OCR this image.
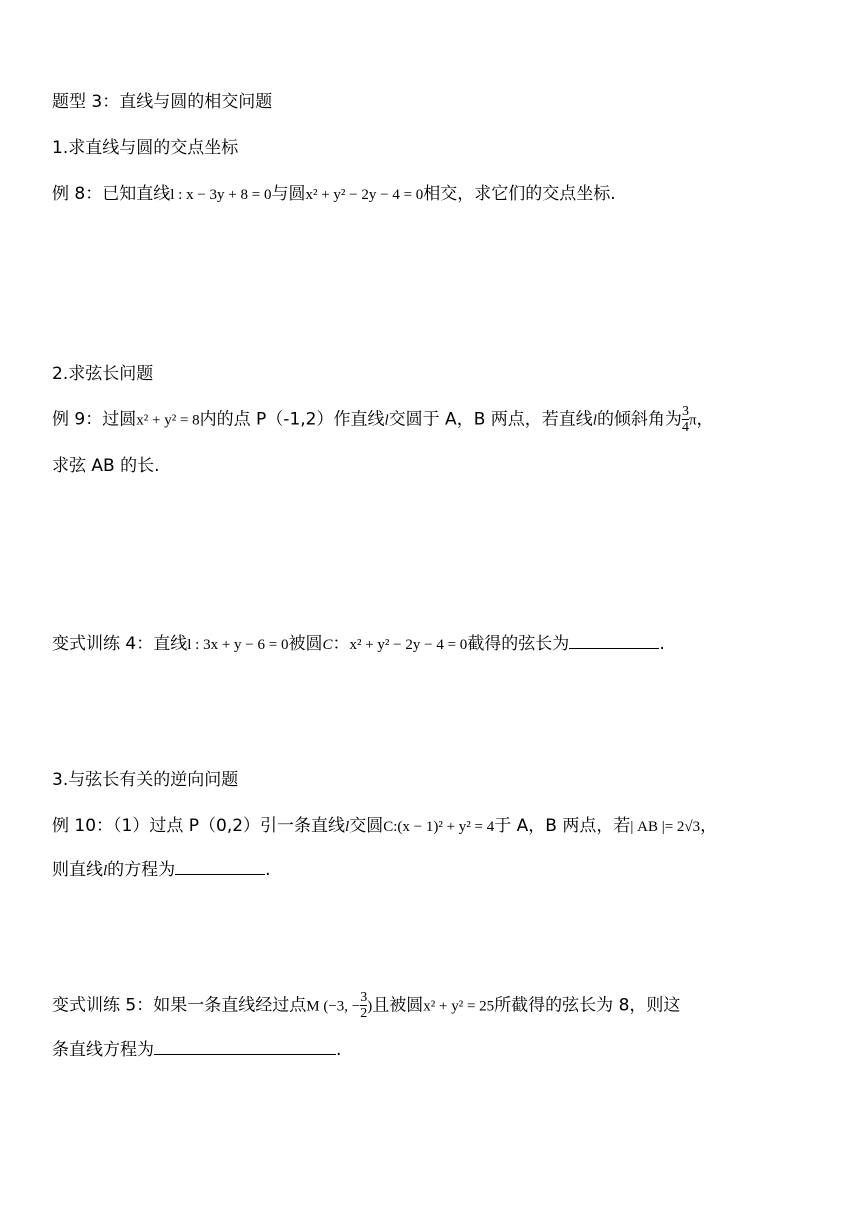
题型 3：直线与圆的相交问题
1.求直线与圆的交点坐标
例 8：已知直线l : x − 3y + 8 = 0与圆x² + y² − 2y − 4 = 0相交，求它们的交点坐标.
2.求弦长问题
例 9：过圆x² + y² = 8内的点 P（-1,2）作直线l交圆于 A，B 两点，若直线l的倾斜角为 $\frac{3}{4}$ π，
求弦 AB 的长.
变式训练 4：直线l : 3x + y − 6 = 0被圆C：x² + y² − 2y − 4 = 0截得的弦长为	.
3.与弦长有关的逆向问题
例 10：（1）过点 P（0,2）引一条直线l交圆C:(x − 1)² + y² = 4于 A，B 两点，若| AB |= 2√3，
则直线l的方程为	.
变式训练 5：如果一条直线经过点M (−3, − $\frac{3}{2}$ )且被圆x² + y² = 25所截得的弦长为 8，则这
条直线方程为	.
